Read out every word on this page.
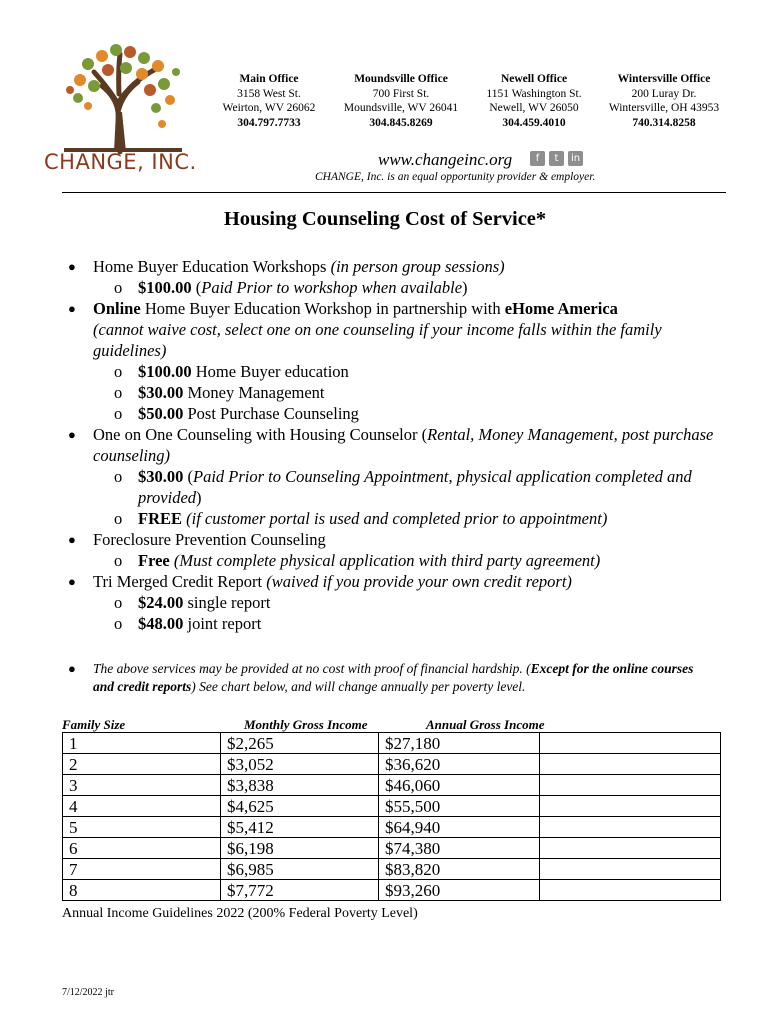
CHANGE, INC.
Main Office
3158 West St.
Weirton, WV 26062
304.797.7733
Moundsville Office
700 First St.
Moundsville, WV 26041
304.845.8269
Newell Office
1151 Washington St.
Newell, WV 26050
304.459.4010
Wintersville Office
200 Luray Dr.
Wintersville, OH 43953
740.314.8258
www.changeinc.org	f	t	in
CHANGE, Inc. is an equal opportunity provider & employer.
Housing Counseling Cost of Service*
● Home Buyer Education Workshops (in person group sessions)
o $100.00 (Paid Prior to workshop when available)
● Online Home Buyer Education Workshop in partnership with eHome America
(cannot waive cost, select one on one counseling if your income falls within the family guidelines)
o $100.00 Home Buyer education
o $30.00 Money Management
o $50.00 Post Purchase Counseling
● One on One Counseling with Housing Counselor (Rental, Money Management, post purchase counseling)
o $30.00 (Paid Prior to Counseling Appointment, physical application completed and provided)
o FREE (if customer portal is used and completed prior to appointment)
● Foreclosure Prevention Counseling
o Free (Must complete physical application with third party agreement)
● Tri Merged Credit Report (waived if you provide your own credit report)
o $24.00 single report
o $48.00 joint report
●	The above services may be provided at no cost with proof of financial hardship. (Except for the online courses and credit reports) See chart below, and will change annually per poverty level.
Family Size	Monthly Gross Income	Annual Gross Income
1	$2,265	$27,180	
2	$3,052	$36,620	
3	$3,838	$46,060	
4	$4,625	$55,500	
5	$5,412	$64,940	
6	$6,198	$74,380	
7	$6,985	$83,820	
8	$7,772	$93,260	
Annual Income Guidelines 2022 (200% Federal Poverty Level)
7/12/2022 jtr
